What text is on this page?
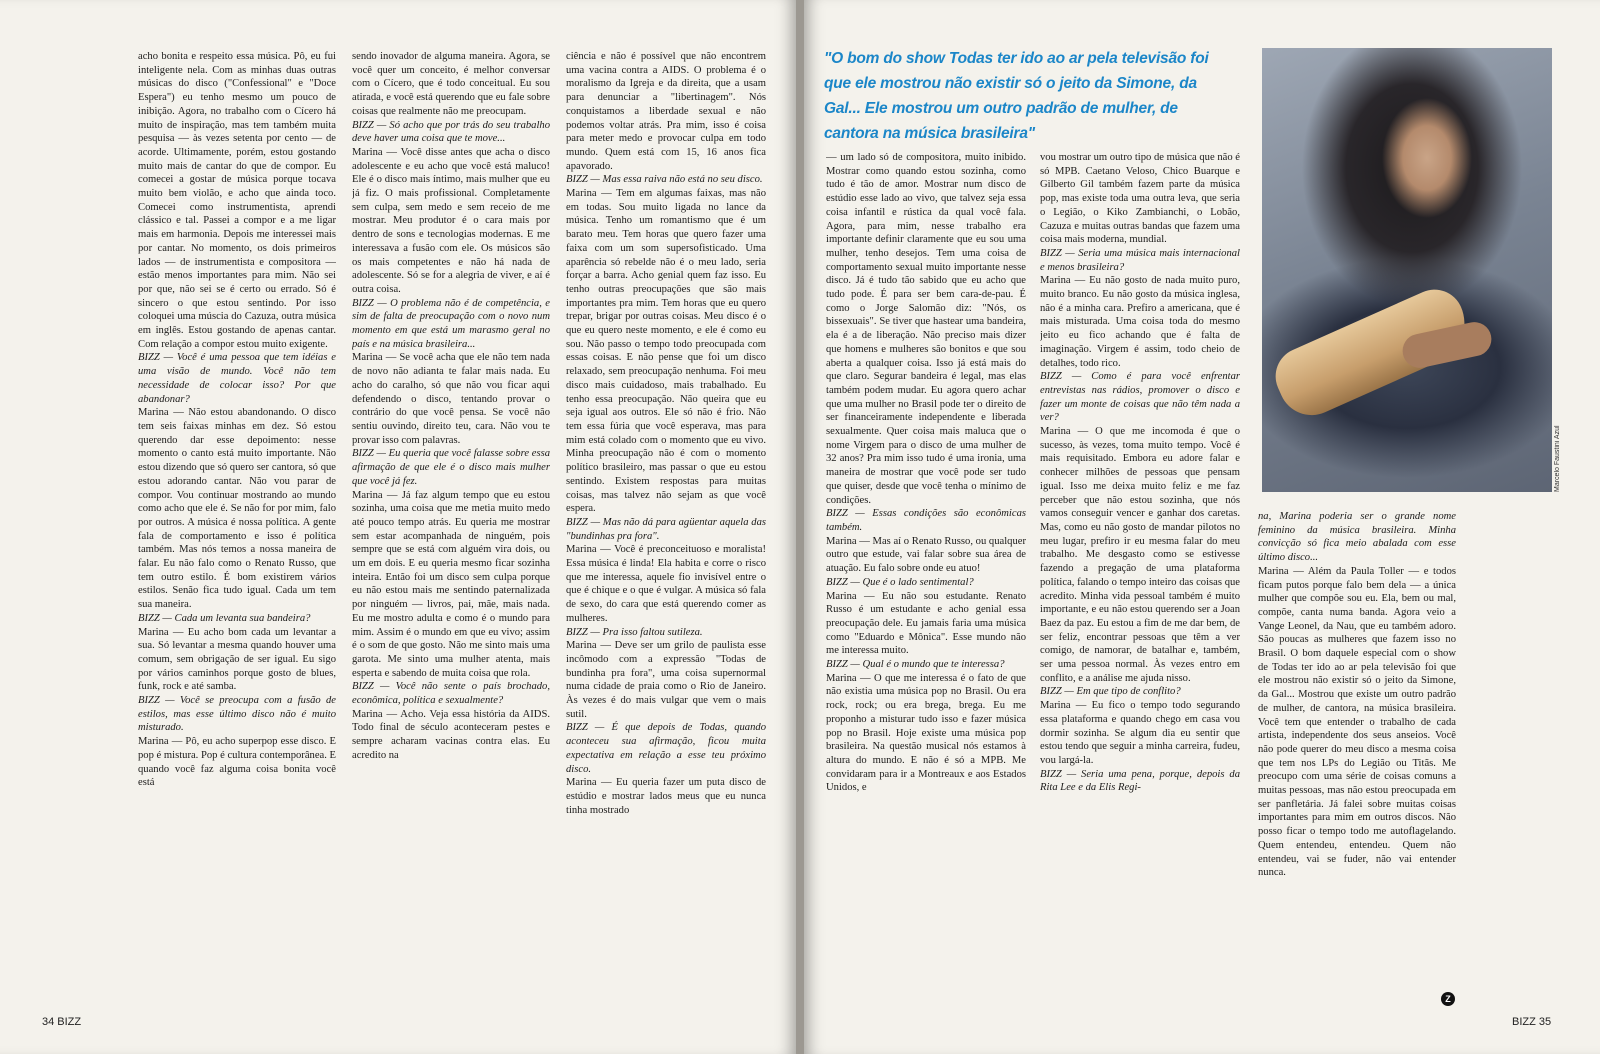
acho bonita e respeito essa música. Pô, eu fui inteligente nela. Com as minhas duas outras músicas do disco ("Confessional" e "Doce Espera") eu tenho mesmo um pouco de inibição. Agora, no trabalho com o Cícero há muito de inspiração, mas tem também muita pesquisa — às vezes setenta por cento — de acorde. Ultimamente, porém, estou gostando muito mais de cantar do que de compor. Eu comecei a gostar de música porque tocava muito bem violão, e acho que ainda toco. Comecei como instrumentista, aprendi clássico e tal. Passei a compor e a me ligar mais em harmonia. Depois me interessei mais por cantar. No momento, os dois primeiros lados — de instrumentista e compositora — estão menos importantes para mim. Não sei por que, não sei se é certo ou errado. Só é sincero o que estou sentindo. Por isso coloquei uma múscia do Cazuza, outra música em inglês. Estou gostando de apenas cantar. Com relação a compor estou muito exigente.

BIZZ — Você é uma pessoa que tem idéias e uma visão de mundo. Você não tem necessidade de colocar isso? Por que abandonar?

Marina — Não estou abandonando. O disco tem seis faixas minhas em dez. Só estou querendo dar esse depoimento: nesse momento o canto está muito importante. Não estou dizendo que só quero ser cantora, só que estou adorando cantar. Não vou parar de compor. Vou continuar mostrando ao mundo como acho que ele é. Se não for por mim, falo por outros. A música é nossa política. A gente fala de comportamento e isso é política também. Mas nós temos a nossa maneira de falar. Eu não falo como o Renato Russo, que tem outro estilo. É bom existirem vários estilos. Senão fica tudo igual. Cada um tem sua maneira.

BIZZ — Cada um levanta sua bandeira?

Marina — Eu acho bom cada um levantar a sua. Só levantar a mesma quando houver uma comum, sem obrigação de ser igual. Eu sigo por vários caminhos porque gosto de blues, funk, rock e até samba.

BIZZ — Você se preocupa com a fusão de estilos, mas esse último disco não é muito misturado.

Marina — Pô, eu acho superpop esse disco. E pop é mistura. Pop é cultura contemporânea. E quando você faz alguma coisa bonita você está

sendo inovador de alguma maneira. Agora, se você quer um conceito, é melhor conversar com o Cícero, que é todo conceitual. Eu sou atirada, e você está querendo que eu fale sobre coisas que realmente não me preocupam.

BIZZ — Só acho que por trás do seu trabalho deve haver uma coisa que te move...

Marina — Você disse antes que acha o disco adolescente e eu acho que você está maluco! Ele é o disco mais íntimo, mais mulher que eu já fiz. O mais profissional. Completamente sem culpa, sem medo e sem receio de me mostrar. Meu produtor é o cara mais por dentro de sons e tecnologias modernas. E me interessava a fusão com ele. Os músicos são os mais competentes e não há nada de adolescente. Só se for a alegria de viver, e aí é outra coisa.

BIZZ — O problema não é de competência, e sim de falta de preocupação com o novo num momento em que está um marasmo geral no país e na música brasileira...

Marina — Se você acha que ele não tem nada de novo não adianta te falar mais nada. Eu acho do caralho, só que não vou ficar aqui defendendo o disco, tentando provar o contrário do que você pensa. Se você não sentiu ouvindo, direito teu, cara. Não vou te provar isso com palavras.

BIZZ — Eu queria que você falasse sobre essa afirmação de que ele é o disco mais mulher que você já fez.

Marina — Já faz algum tempo que eu estou sozinha, uma coisa que me metia muito medo até pouco tempo atrás. Eu queria me mostrar sem estar acompanhada de ninguém, pois sempre que se está com alguém vira dois, ou um em dois. E eu queria mesmo ficar sozinha inteira. Então foi um disco sem culpa porque eu não estou mais me sentindo paternalizada por ninguém — livros, pai, mãe, mais nada. Eu me mostro adulta e como é o mundo para mim. Assim é o mundo em que eu vivo; assim é o som de que gosto. Não me sinto mais uma garota. Me sinto uma mulher atenta, mais esperta e sabendo de muita coisa que rola.

BIZZ — Você não sente o país brochado, econômica, política e sexualmente?

Marina — Acho. Veja essa história da AIDS. Todo final de século aconteceram pestes e sempre acharam vacinas contra elas. Eu acredito na

ciência e não é possível que não encontrem uma vacina contra a AIDS. O problema é o moralismo da Igreja e da direita, que a usam para denunciar a "libertinagem". Nós conquistamos a liberdade sexual e não podemos voltar atrás. Pra mim, isso é coisa para meter medo e provocar culpa em todo mundo. Quem está com 15, 16 anos fica apavorado.

BIZZ — Mas essa raiva não está no seu disco.

Marina — Tem em algumas faixas, mas não em todas. Sou muito ligada no lance da música. Tenho um romantismo que é um barato meu. Tem horas que quero fazer uma faixa com um som supersofisticado. Uma aparência só rebelde não é o meu lado, seria forçar a barra. Acho genial quem faz isso. Eu tenho outras preocupações que são mais importantes pra mim. Tem horas que eu quero trepar, brigar por outras coisas. Meu disco é o que eu quero neste momento, e ele é como eu sou. Não passo o tempo todo preocupada com essas coisas. E não pense que foi um disco relaxado, sem preocupação nenhuma. Foi meu disco mais cuidadoso, mais trabalhado. Eu tenho essa preocupação. Não queira que eu seja igual aos outros. Ele só não é frio. Não tem essa fúria que você esperava, mas para mim está colado com o momento que eu vivo. Minha preocupação não é com o momento político brasileiro, mas passar o que eu estou sentindo. Existem respostas para muitas coisas, mas talvez não sejam as que você espera.

BIZZ — Mas não dá para agüentar aquela das "bundinhas pra fora".

Marina — Você é preconceituoso e moralista! Essa música é linda! Ela habita e corre o risco que me interessa, aquele fio invisível entre o que é chique e o que é vulgar. A música só fala de sexo, do cara que está querendo comer as mulheres.

BIZZ — Pra isso faltou sutileza.

Marina — Deve ser um grilo de paulista esse incômodo com a expressão "Todas de bundinha pra fora", uma coisa supernormal numa cidade de praia como o Rio de Janeiro. Às vezes é do mais vulgar que vem o mais sutil.

BIZZ — É que depois de Todas, quando aconteceu sua afirmação, ficou muita expectativa em relação a esse teu próximo disco.

Marina — Eu queria fazer um puta disco de estúdio e mostrar lados meus que eu nunca tinha mostrado

"O bom do show Todas ter ido ao ar pela televisão foi que ele mostrou não existir só o jeito da Simone, da Gal... Ele mostrou um outro padrão de mulher, de cantora na música brasileira"
Marcelo Faustini Azul

— um lado só de compositora, muito inibido. Mostrar como quando estou sozinha, como tudo é tão de amor. Mostrar num disco de estúdio esse lado ao vivo, que talvez seja essa coisa infantil e rústica da qual você fala. Agora, para mim, nesse trabalho era importante definir claramente que eu sou uma mulher, tenho desejos. Tem uma coisa de comportamento sexual muito importante nesse disco. Já é tudo tão sabido que eu acho que tudo pode. É para ser bem cara-de-pau. É como o Jorge Salomão diz: "Nós, os bissexuais". Se tiver que hastear uma bandeira, ela é a de liberação. Não preciso mais dizer que homens e mulheres são bonitos e que sou aberta a qualquer coisa. Isso já está mais do que claro. Segurar bandeira é legal, mas elas também podem mudar. Eu agora quero achar que uma mulher no Brasil pode ter o direito de ser financeiramente independente e liberada sexualmente. Quer coisa mais maluca que o nome Virgem para o disco de uma mulher de 32 anos? Pra mim isso tudo é uma ironia, uma maneira de mostrar que você pode ser tudo que quiser, desde que você tenha o mínimo de condições.

BIZZ — Essas condições são econômicas também.

Marina — Mas aí o Renato Russo, ou qualquer outro que estude, vai falar sobre sua área de atuação. Eu falo sobre onde eu atuo!

BIZZ — Que é o lado sentimental?

Marina — Eu não sou estudante. Renato Russo é um estudante e acho genial essa preocupação dele. Eu jamais faria uma música como "Eduardo e Mônica". Esse mundo não me interessa muito.

BIZZ — Qual é o mundo que te interessa?

Marina — O que me interessa é o fato de que não existia uma música pop no Brasil. Ou era rock, rock; ou era brega, brega. Eu me proponho a misturar tudo isso e fazer música pop no Brasil. Hoje existe uma música pop brasileira. Na questão musical nós estamos à altura do mundo. E não é só a MPB. Me convidaram para ir a Montreaux e aos Estados Unidos, e

vou mostrar um outro tipo de música que não é só MPB. Caetano Veloso, Chico Buarque e Gilberto Gil também fazem parte da música pop, mas existe toda uma outra leva, que seria o Legião, o Kiko Zambianchi, o Lobão, Cazuza e muitas outras bandas que fazem uma coisa mais moderna, mundial.

BIZZ — Seria uma música mais internacional e menos brasileira?

Marina — Eu não gosto de nada muito puro, muito branco. Eu não gosto da música inglesa, não é a minha cara. Prefiro a americana, que é mais misturada. Uma coisa toda do mesmo jeito eu fico achando que é falta de imaginação. Virgem é assim, todo cheio de detalhes, todo rico.

BIZZ — Como é para você enfrentar entrevistas nas rádios, promover o disco e fazer um monte de coisas que não têm nada a ver?

Marina — O que me incomoda é que o sucesso, às vezes, toma muito tempo. Você é mais requisitado. Embora eu adore falar e conhecer milhões de pessoas que pensam igual. Isso me deixa muito feliz e me faz perceber que não estou sozinha, que nós vamos conseguir vencer e ganhar dos caretas. Mas, como eu não gosto de mandar pilotos no meu lugar, prefiro ir eu mesma falar do meu trabalho. Me desgasto como se estivesse fazendo a pregação de uma plataforma política, falando o tempo inteiro das coisas que acredito. Minha vida pessoal também é muito importante, e eu não estou querendo ser a Joan Baez da paz. Eu estou a fim de me dar bem, de ser feliz, encontrar pessoas que têm a ver comigo, de namorar, de batalhar e, também, ser uma pessoa normal. Às vezes entro em conflito, e a análise me ajuda nisso.

BIZZ — Em que tipo de conflito?

Marina — Eu fico o tempo todo segurando essa plataforma e quando chego em casa vou dormir sozinha. Se algum dia eu sentir que estou tendo que seguir a minha carreira, fudeu, vou largá-la.

BIZZ — Seria uma pena, porque, depois da Rita Lee e da Elis Regi-

na, Marina poderia ser o grande nome feminino da música brasileira. Minha convicção só fica meio abalada com esse último disco...

Marina — Além da Paula Toller — e todos ficam putos porque falo bem dela — a única mulher que compõe sou eu. Ela, bem ou mal, compõe, canta numa banda. Agora veio a Vange Leonel, da Nau, que eu também adoro. São poucas as mulheres que fazem isso no Brasil. O bom daquele especial com o show de Todas ter ido ao ar pela televisão foi que ele mostrou não existir só o jeito da Simone, da Gal... Mostrou que existe um outro padrão de mulher, de cantora, na música brasileira. Você tem que entender o trabalho de cada artista, independente dos seus anseios. Você não pode querer do meu disco a mesma coisa que tem nos LPs do Legião ou Titãs. Me preocupo com uma série de coisas comuns a muitas pessoas, mas não estou preocupada em ser panfletária. Já falei sobre muitas coisas importantes para mim em outros discos. Não posso ficar o tempo todo me autoflagelando. Quem entendeu, entendeu. Quem não entendeu, vai se fuder, não vai entender nunca.

Z
34 BIZZ	BIZZ 35
